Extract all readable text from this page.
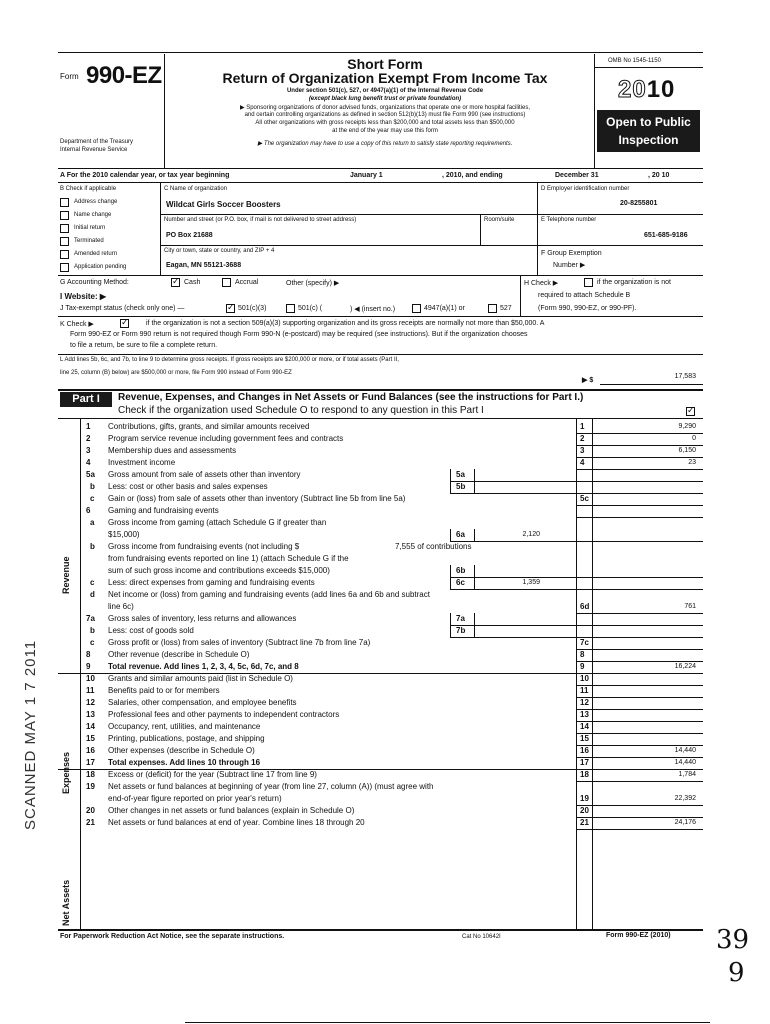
Form 990-EZ
Department of the Treasury
Internal Revenue Service
Short Form
Return of Organization Exempt From Income Tax
Under section 501(c), 527, or 4947(a)(1) of the Internal Revenue Code
(except black lung benefit trust or private foundation)
▶ Sponsoring organizations of donor advised funds, organizations that operate one or more hospital facilities,
and certain controlling organizations as defined in section 512(b)(13) must file Form 990 (see instructions)
All other organizations with gross receipts less than $200,000 and total assets less than $500,000
at the end of the year may use this form
▶ The organization may have to use a copy of this return to satisfy state reporting requirements.
OMB No 1545-1150
2010
Open to Public
Inspection
A For the 2010 calendar year, or tax year beginning	January 1	, 2010, and ending	December 31	, 20 10
B Check if applicable	C Name of organization	D Employer identification number
Wildcat Girls Soccer Boosters	20-8255801
Number and street (or P.O. box, if mail is not delivered to street address)	Room/suite	E Telephone number
PO Box 21688	651-685-9186
City or town, state or country, and ZIP + 4	F Group Exemption
Number ▶
Eagan, MN 55121-3688
Address change
Name change
Initial return
Terminated
Amended return
Application pending
G Accounting Method: ✓	Cash	Accrual	Other (specify) ▶	H Check ▶	if the organization is not
required to attach Schedule B
(Form 990, 990-EZ, or 990-PF).
I Website: ▶
J Tax-exempt status (check only one) — ✓	501(c)(3)	501(c) (	) ◀ (insert no.)	4947(a)(1) or	527
K Check ▶ ✓	if the organization is not a section 509(a)(3) supporting organization and its gross receipts are normally not more than $50,000. A
Form 990-EZ or Form 990 return is not required though Form 990-N (e-postcard) may be required (see instructions). But if the organization chooses
to file a return, be sure to file a complete return.
L Add lines 5b, 6c, and 7b, to line 9 to determine gross receipts. If gross receipts are $200,000 or more, or if total assets (Part II,
line 25, column (B) below) are $500,000 or more, file Form 990 instead of Form 990-EZ
▶ $
17,583
Part I	Revenue, Expenses, and Changes in Net Assets or Fund Balances (see the instructions for Part I.)
Check if the organization used Schedule O to respond to any question in this Part I
✓
1 Contributions, gifts, grants, and similar amounts received	1	9,290
2 Program service revenue including government fees and contracts	2	0
3 Membership dues and assessments	3	6,150
4 Investment income	4	23
5a Gross amount from sale of assets other than inventory	5a
b Less: cost or other basis and sales expenses	5b
c Gain or (loss) from sale of assets other than inventory (Subtract line 5b from line 5a)	5c
6 Gaming and fundraising events
a Gross income from gaming (attach Schedule G if greater than
$15,000)	6a	2,120
b Gross income from fundraising events (not including $	7,555 of contributions
from fundraising events reported on line 1) (attach Schedule G if the
sum of such gross income and contributions exceeds $15,000)	6b
c Less: direct expenses from gaming and fundraising events	6c	1,359
d Net income or (loss) from gaming and fundraising events (add lines 6a and 6b and subtract
line 6c)	6d	761
7a Gross sales of inventory, less returns and allowances	7a
b Less: cost of goods sold	7b
c Gross profit or (loss) from sales of inventory (Subtract line 7b from line 7a)	7c
8 Other revenue (describe in Schedule O)	8
9 Total revenue. Add lines 1, 2, 3, 4, 5c, 6d, 7c, and 8	9	16,224
10 Grants and similar amounts paid (list in Schedule O)	10
11 Benefits paid to or for members	11
12 Salaries, other compensation, and employee benefits	12
13 Professional fees and other payments to independent contractors	13
14 Occupancy, rent, utilities, and maintenance	14
15 Printing, publications, postage, and shipping	15
16 Other expenses (describe in Schedule O)	16	14,440
17 Total expenses. Add lines 10 through 16	17	14,440
18 Excess or (deficit) for the year (Subtract line 17 from line 9)	18	1,784
19 Net assets or fund balances at beginning of year (from line 27, column (A)) (must agree with
end-of-year figure reported on prior year's return)	19	22,392
20 Other changes in net assets or fund balances (explain in Schedule O)	20
21 Net assets or fund balances at end of year. Combine lines 18 through 20	21	24,176
Revenue
Expenses
Net Assets
For Paperwork Reduction Act Notice, see the separate instructions.	Cat No 10642I	Form 990-EZ (2010)
SCANNED MAY 1 7 2011
39
9
